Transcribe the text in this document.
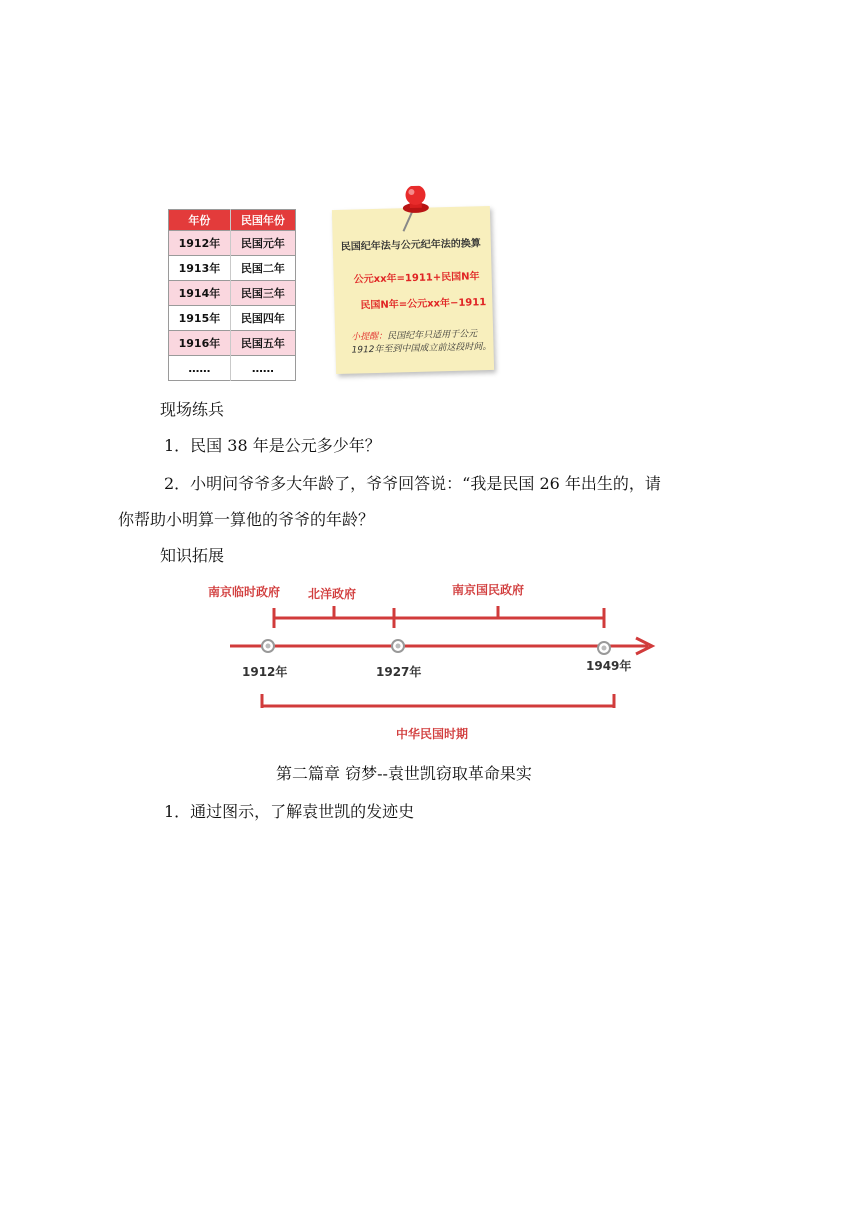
年份	民国年份
1912年	民国元年
1913年	民国二年
1914年	民国三年
1915年	民国四年
1916年	民国五年
……	……
民国纪年法与公元纪年法的换算
公元xx年=1911+民国N年
民国N年=公元xx年−1911
小提醒：民国纪年只适用于公元1912年至到中国成立前这段时间。
现场练兵
1．民国 38 年是公元多少年？
2．小明问爷爷多大年龄了，爷爷回答说：“我是民国 26 年出生的，请
你帮助小明算一算他的爷爷的年龄？
知识拓展
南京临时政府 北洋政府	南京国民政府
1912年	1927年	1949年
中华民国时期
第二篇章 窃梦--袁世凯窃取革命果实
1．通过图示，了解袁世凯的发迹史
